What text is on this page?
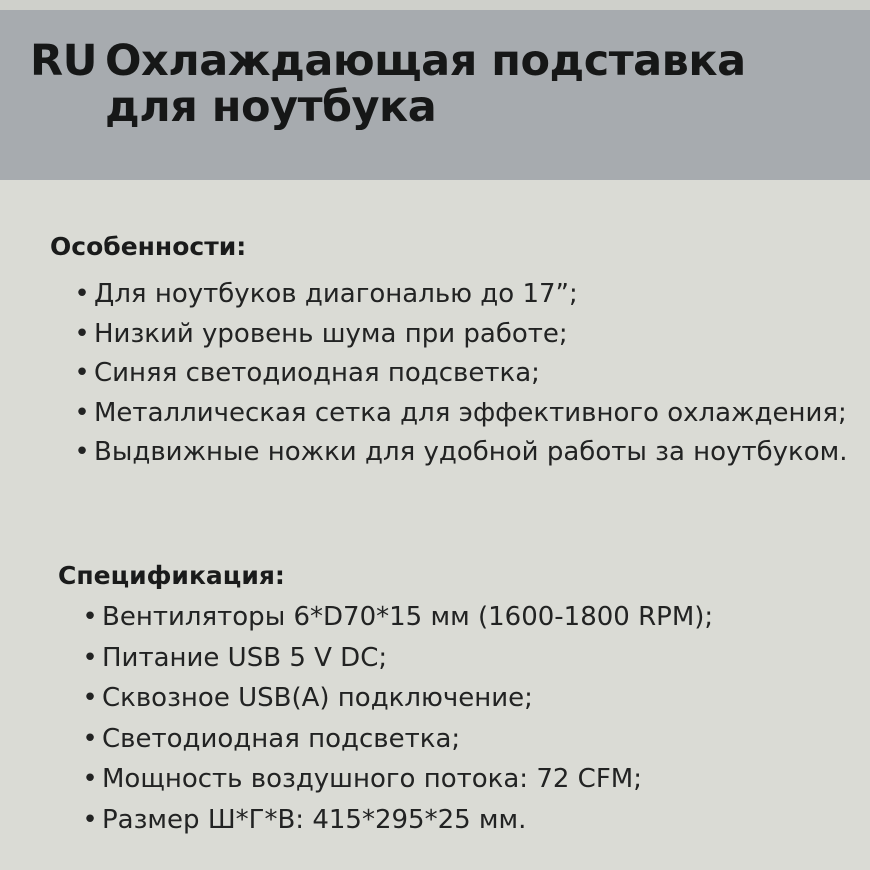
RU Охлаждающая подставка
для ноутбука
Особенности:
• Для ноутбуков диагональю до 17”;
• Низкий уровень шума при работе;
• Синяя светодиодная подсветка;
• Металлическая сетка для эффективного охлаждения;
• Выдвижные ножки для удобной работы за ноутбуком.
Спецификация:
• Вентиляторы 6*D70*15 мм (1600-1800 RPM);
• Питание USB 5 V DC;
• Сквозное USB(A) подключение;
• Светодиодная подсветка;
• Мощность воздушного потока: 72 CFM;
• Размер Ш*Г*В: 415*295*25 мм.
